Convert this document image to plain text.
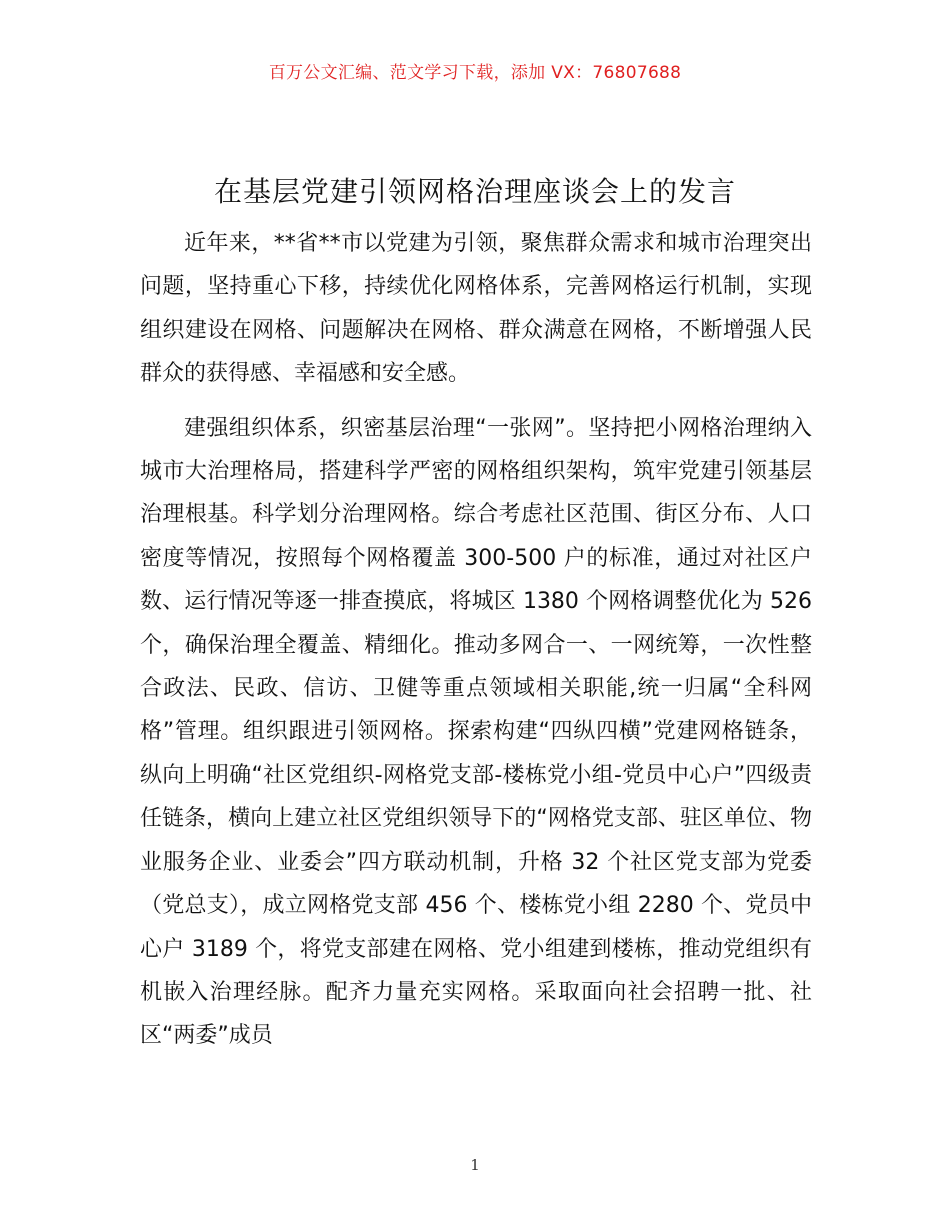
百万公文汇编、范文学习下载，添加 VX：76807688
在基层党建引领网格治理座谈会上的发言

近年来，**省**市以党建为引领，聚焦群众需求和城市治理突出问题，坚持重心下移，持续优化网格体系，完善网格运行机制，实现组织建设在网格、问题解决在网格、群众满意在网格，不断增强人民群众的获得感、幸福感和安全感。

建强组织体系，织密基层治理“一张网”。坚持把小网格治理纳入城市大治理格局，搭建科学严密的网格组织架构，筑牢党建引领基层治理根基。科学划分治理网格。综合考虑社区范围、街区分布、人口密度等情况，按照每个网格覆盖 300-500 户的标准，通过对社区户数、运行情况等逐一排查摸底，将城区 1380 个网格调整优化为 526 个，确保治理全覆盖、精细化。推动多网合一、一网统筹，一次性整合政法、民政、信访、卫健等重点领域相关职能,统一归属“全科网格”管理。组织跟进引领网格。探索构建“四纵四横”党建网格链条，纵向上明确“社区党组织-网格党支部-楼栋党小组-党员中心户”四级责任链条，横向上建立社区党组织领导下的“网格党支部、驻区单位、物业服务企业、业委会”四方联动机制，升格 32 个社区党支部为党委（党总支），成立网格党支部 456 个、楼栋党小组 2280 个、党员中心户 3189 个，将党支部建在网格、党小组建到楼栋，推动党组织有机嵌入治理经脉。配齐力量充实网格。采取面向社会招聘一批、社区“两委”成员

1
